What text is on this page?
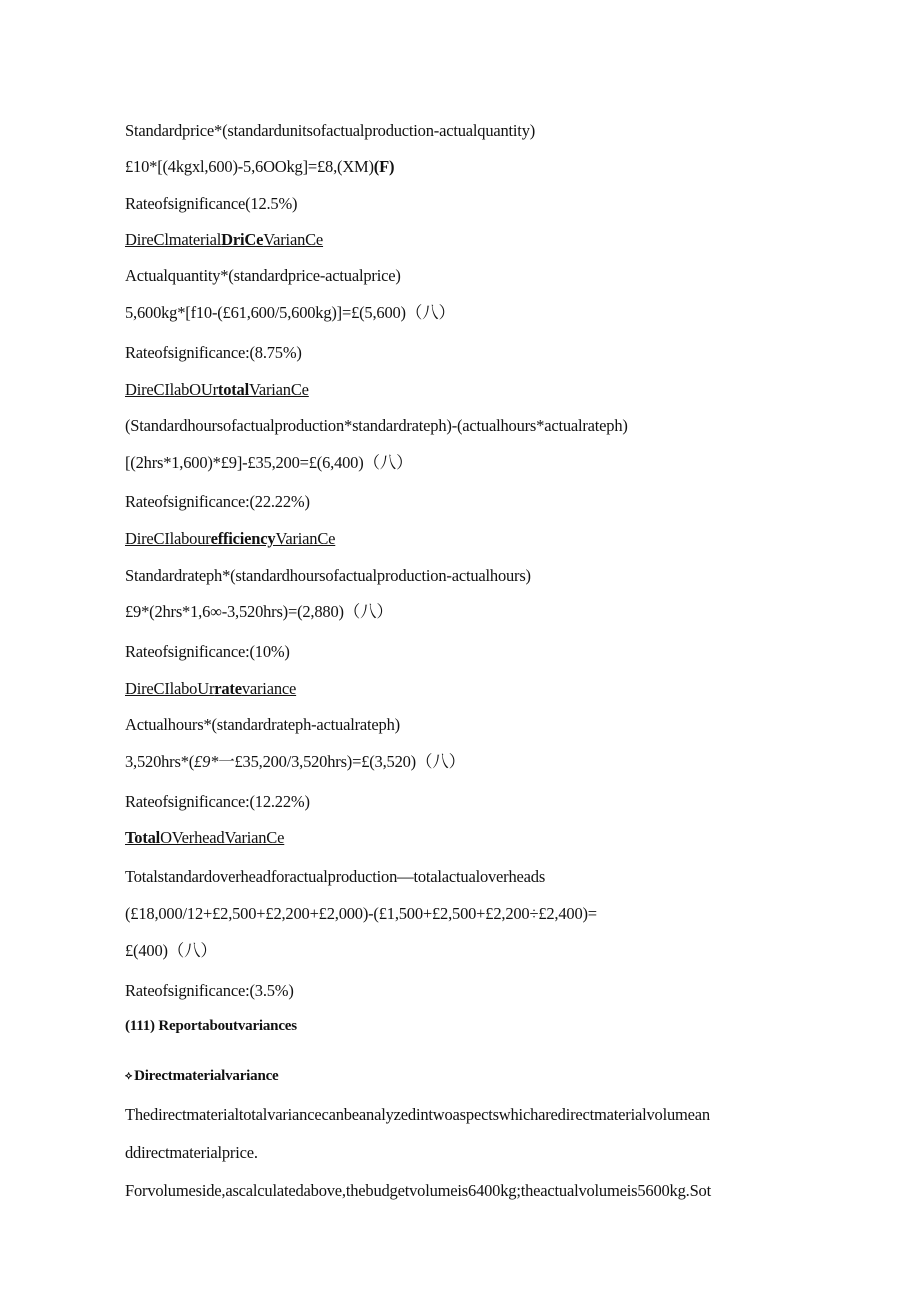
Standardprice*(standardunitsofactualproduction-actualquantity)
£10*[(4kgxl,600)-5,6OOkg]=£8,(XM)(F)
Rateofsignificance(12.5%)
DireClmaterialDriCeVarianCe
Actualquantity*(standardprice-actualprice)
5,600kg*[f10-(£61,600/5,600kg)]=£(5,600)（八）
Rateofsignificance:(8.75%)
DireCIlabOUrtotalVarianCe
(Standardhoursofactualproduction*standardrateph)-(actualhours*actualrateph)
[(2hrs*1,600)*£9]-£35,200=£(6,400)（八）
Rateofsignificance:(22.22%)
DireCIlabourefficiencyVarianCe
Standardrateph*(standardhoursofactualproduction-actualhours)
£9*(2hrs*1,6∞-3,520hrs)=(2,880)（八）
Rateofsignificance:(10%)
DireCIlaboUrratevariance
Actualhours*(standardrateph-actualrateph)
3,520hrs*(£9*一£35,200/3,520hrs)=£(3,520)（八）
Rateofsignificance:(12.22%)
TotalOVerheadVarianCe
Totalstandardoverheadforactualproduction—totalactualoverheads
(£18,000/12+£2,500+£2,200+£2,000)-(£1,500+£2,500+£2,200÷£2,400)=
£(400)（八）
Rateofsignificance:(3.5%)
(111) Reportaboutvariances
⟡ Directmaterialvariance
Thedirectmaterialtotalvariancecanbeanalyzedintwoaspectswhicharedirectmaterialvolumean
ddirectmaterialprice.
Forvolumeside,ascalculatedabove,thebudgetvolumeis6400kg;theactualvolumeis5600kg.Sot
